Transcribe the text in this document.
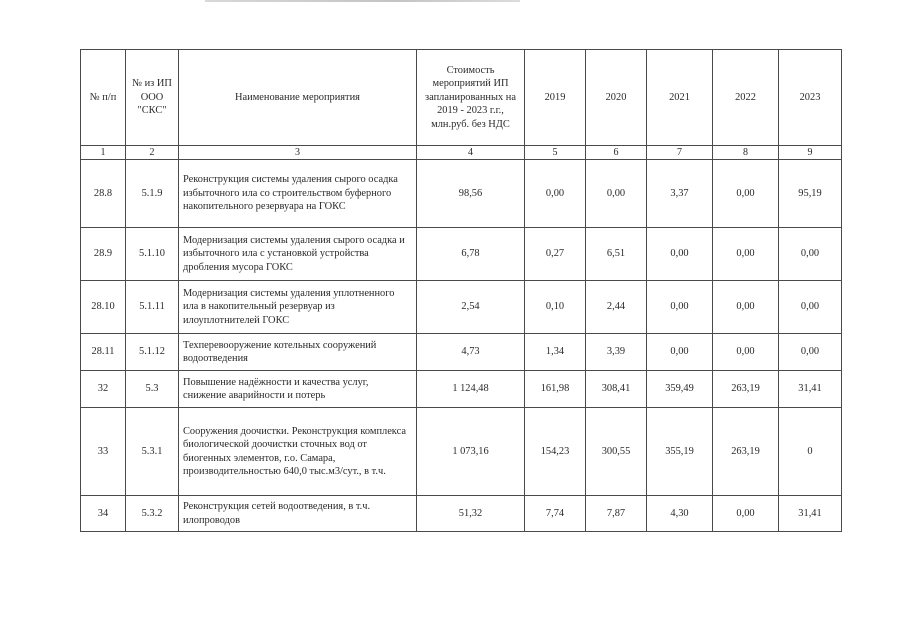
№ п/п	№ из ИП ООО "СКС"	Наименование мероприятия	Стоимость мероприятий ИП запланированных на 2019 - 2023 г.г., млн.руб. без НДС	2019	2020	2021	2022	2023
1	2	3	4	5	6	7	8	9
28.8	5.1.9	Реконструкция системы удаления сырого осадка избыточного ила со строительством буферного накопительного резервуара на ГОКС	98,56	0,00	0,00	3,37	0,00	95,19
28.9	5.1.10	Модернизация системы удаления сырого осадка и избыточного ила с установкой устройства дробления мусора ГОКС	6,78	0,27	6,51	0,00	0,00	0,00
28.10	5.1.11	Модернизация системы удаления уплотненного ила в накопительный резервуар из илоуплотнителей ГОКС	2,54	0,10	2,44	0,00	0,00	0,00
28.11	5.1.12	Техперевооружение котельных сооружений водоотведения	4,73	1,34	3,39	0,00	0,00	0,00
32	5.3	Повышение надёжности и качества услуг, снижение аварийности и потерь	1 124,48	161,98	308,41	359,49	263,19	31,41
33	5.3.1	Сооружения доочистки. Реконструкция комплекса биологической доочистки сточных вод от биогенных элементов, г.о. Самара, производительностью 640,0 тыс.м3/сут., в т.ч.	1 073,16	154,23	300,55	355,19	263,19	0
34	5.3.2	Реконструкция сетей водоотведения, в т.ч. илопроводов	51,32	7,74	7,87	4,30	0,00	31,41
